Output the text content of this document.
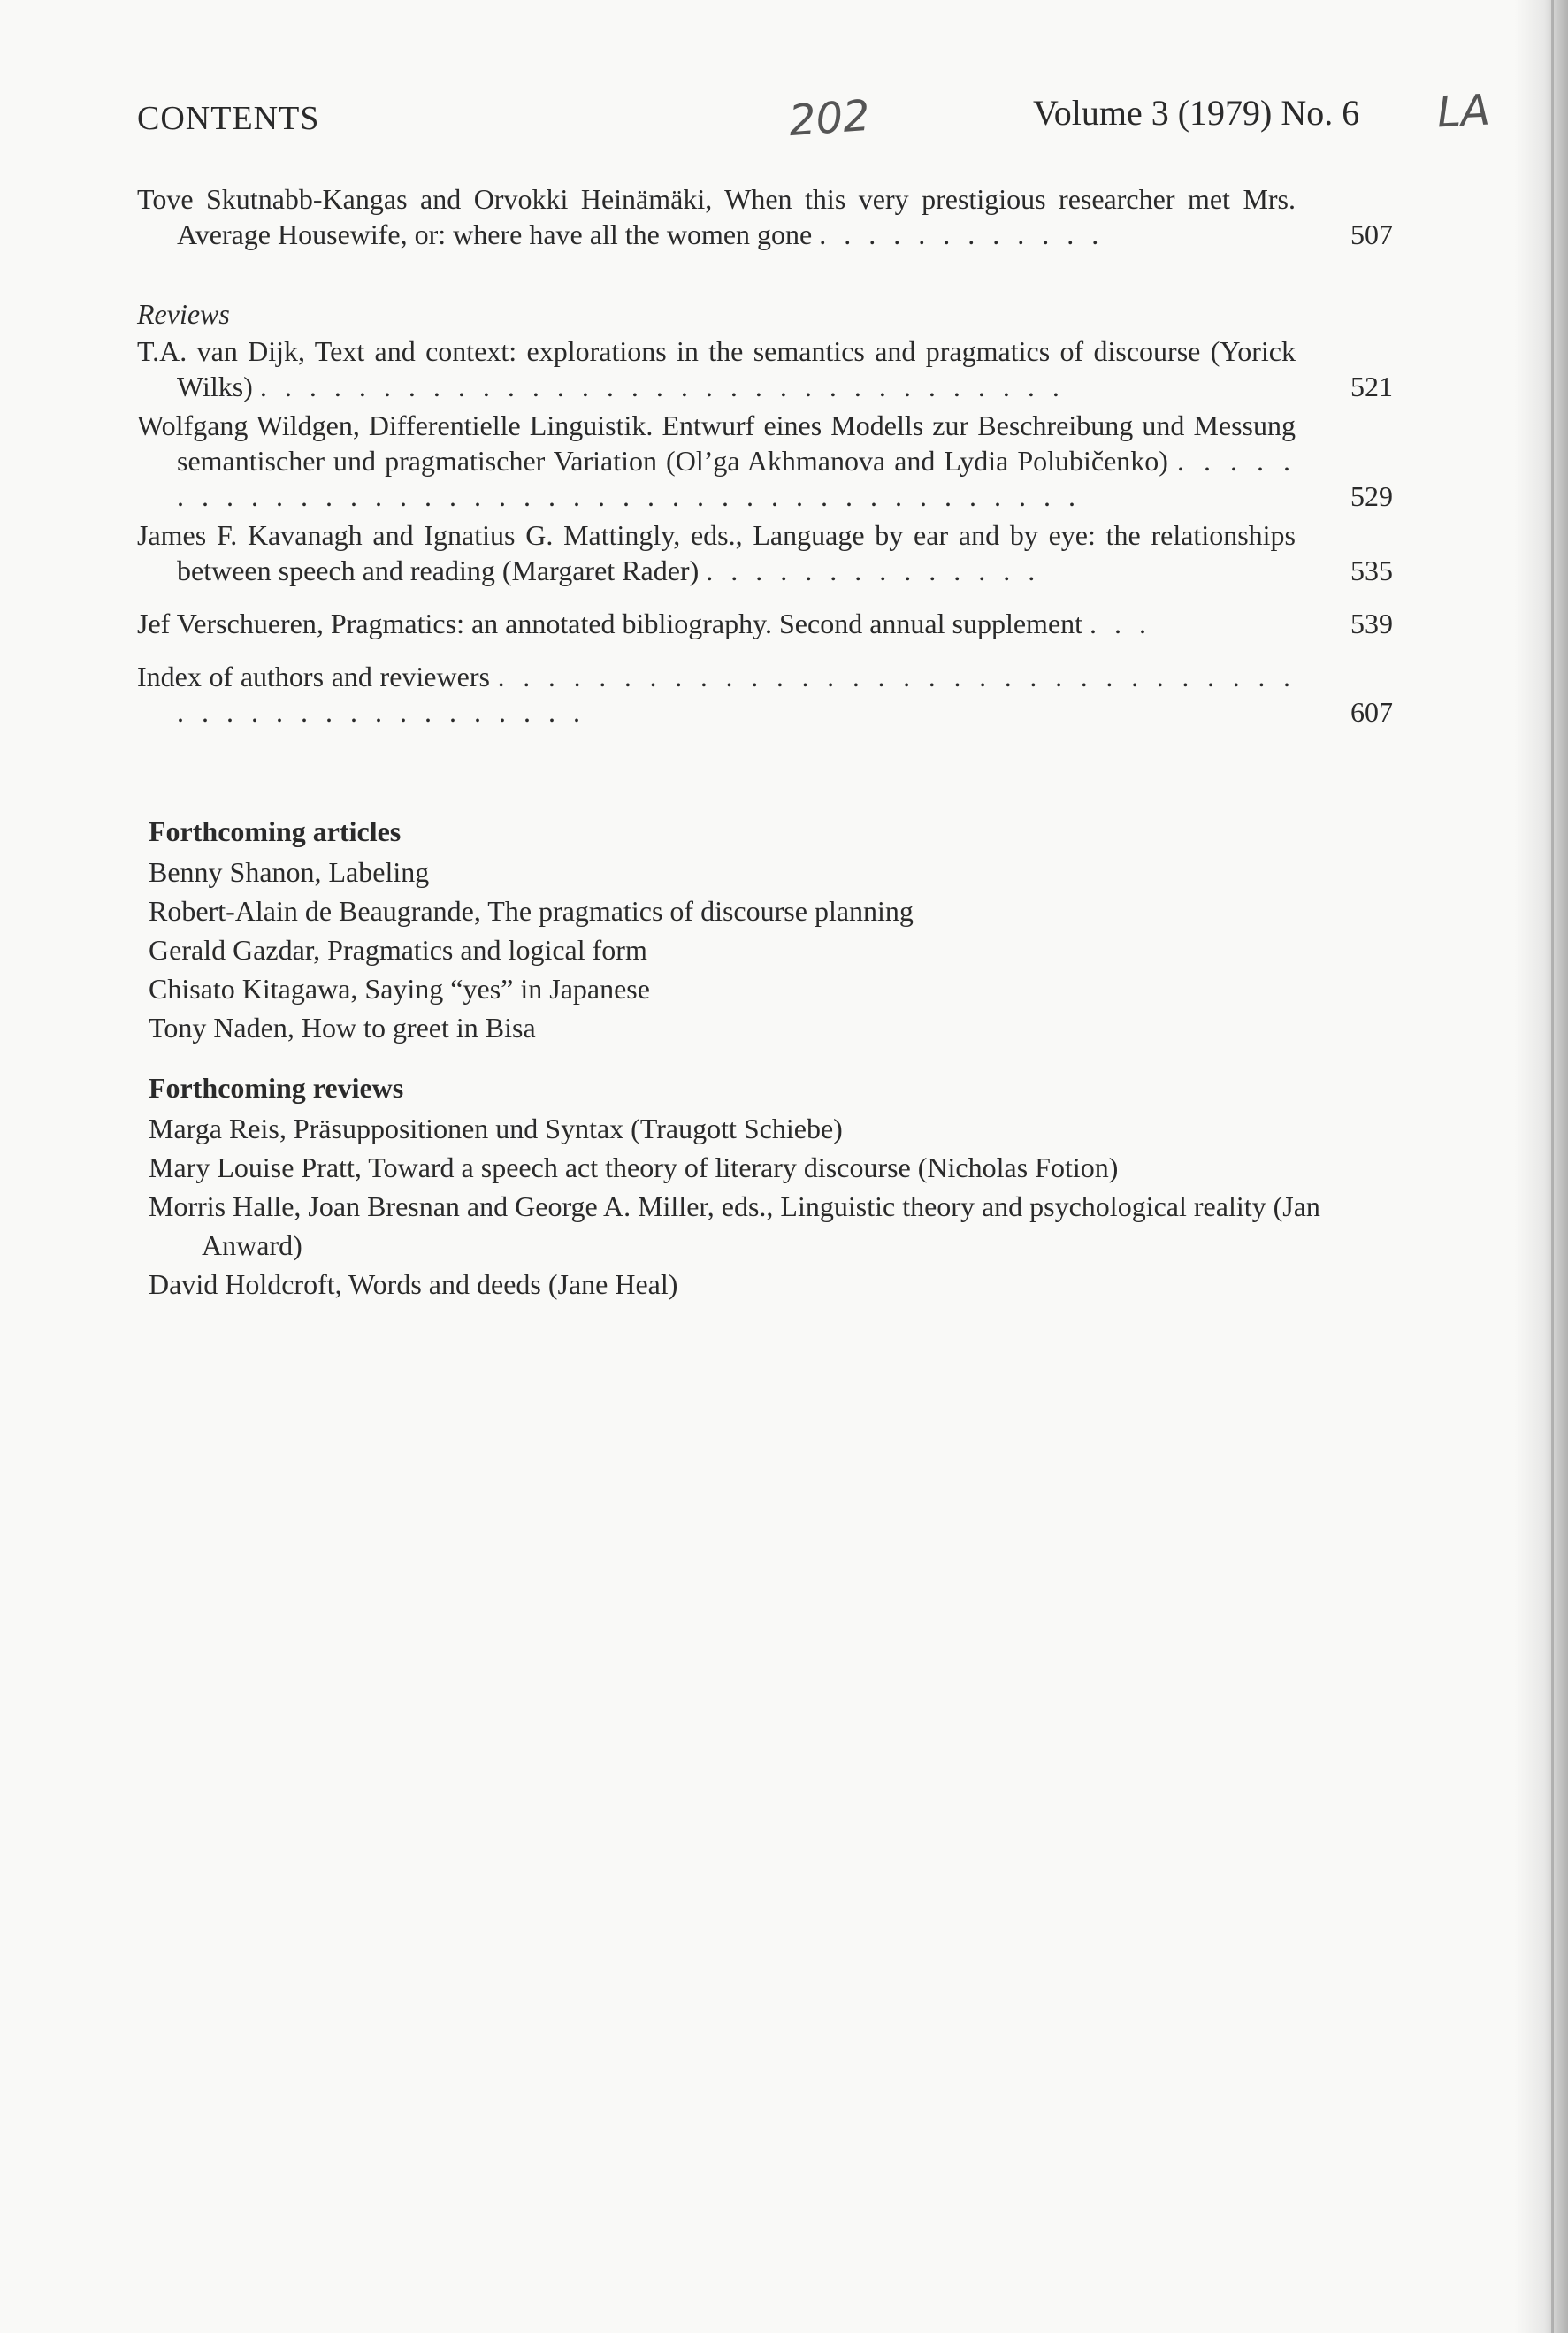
CONTENTS	202	Volume 3 (1979) No. 6 LA
Tove Skutnabb-Kangas and Orvokki Heinämäki, When this very prestigious researcher met Mrs. Average Housewife, or: where have all the women gone . . . . . . . . . . . .	507
Reviews
T.A. van Dijk, Text and context: explorations in the semantics and pragmatics of discourse (Yorick Wilks) . . . . . . . . . . . . . . . . . . . . . . . . . . . . . . . . .	521
Wolfgang Wildgen, Differentielle Linguistik. Entwurf eines Modells zur Beschreibung und Messung semantischer und pragmatischer Variation (Ol’ga Akhmanova and Lydia Polubičenko) . . . . . . . . . . . . . . . . . . . . . . . . . . . . . . . . . . . . . . . . . .	529
James F. Kavanagh and Ignatius G. Mattingly, eds., Language by ear and by eye: the relationships between speech and reading (Margaret Rader) . . . . . . . . . . . . . .	535
Jef Verschueren, Pragmatics: an annotated bibliography. Second annual supplement . . .	539
Index of authors and reviewers . . . . . . . . . . . . . . . . . . . . . . . . . . . . . . . . . . . . . . . . . . . . . . . . .	607
Forthcoming articles
Benny Shanon, Labeling
Robert-Alain de Beaugrande, The pragmatics of discourse planning
Gerald Gazdar, Pragmatics and logical form
Chisato Kitagawa, Saying “yes” in Japanese
Tony Naden, How to greet in Bisa
Forthcoming reviews
Marga Reis, Präsuppositionen und Syntax (Traugott Schiebe)
Mary Louise Pratt, Toward a speech act theory of literary discourse (Nicholas Fotion)
Morris Halle, Joan Bresnan and George A. Miller, eds., Linguistic theory and psychological reality (Jan Anward)
David Holdcroft, Words and deeds (Jane Heal)
